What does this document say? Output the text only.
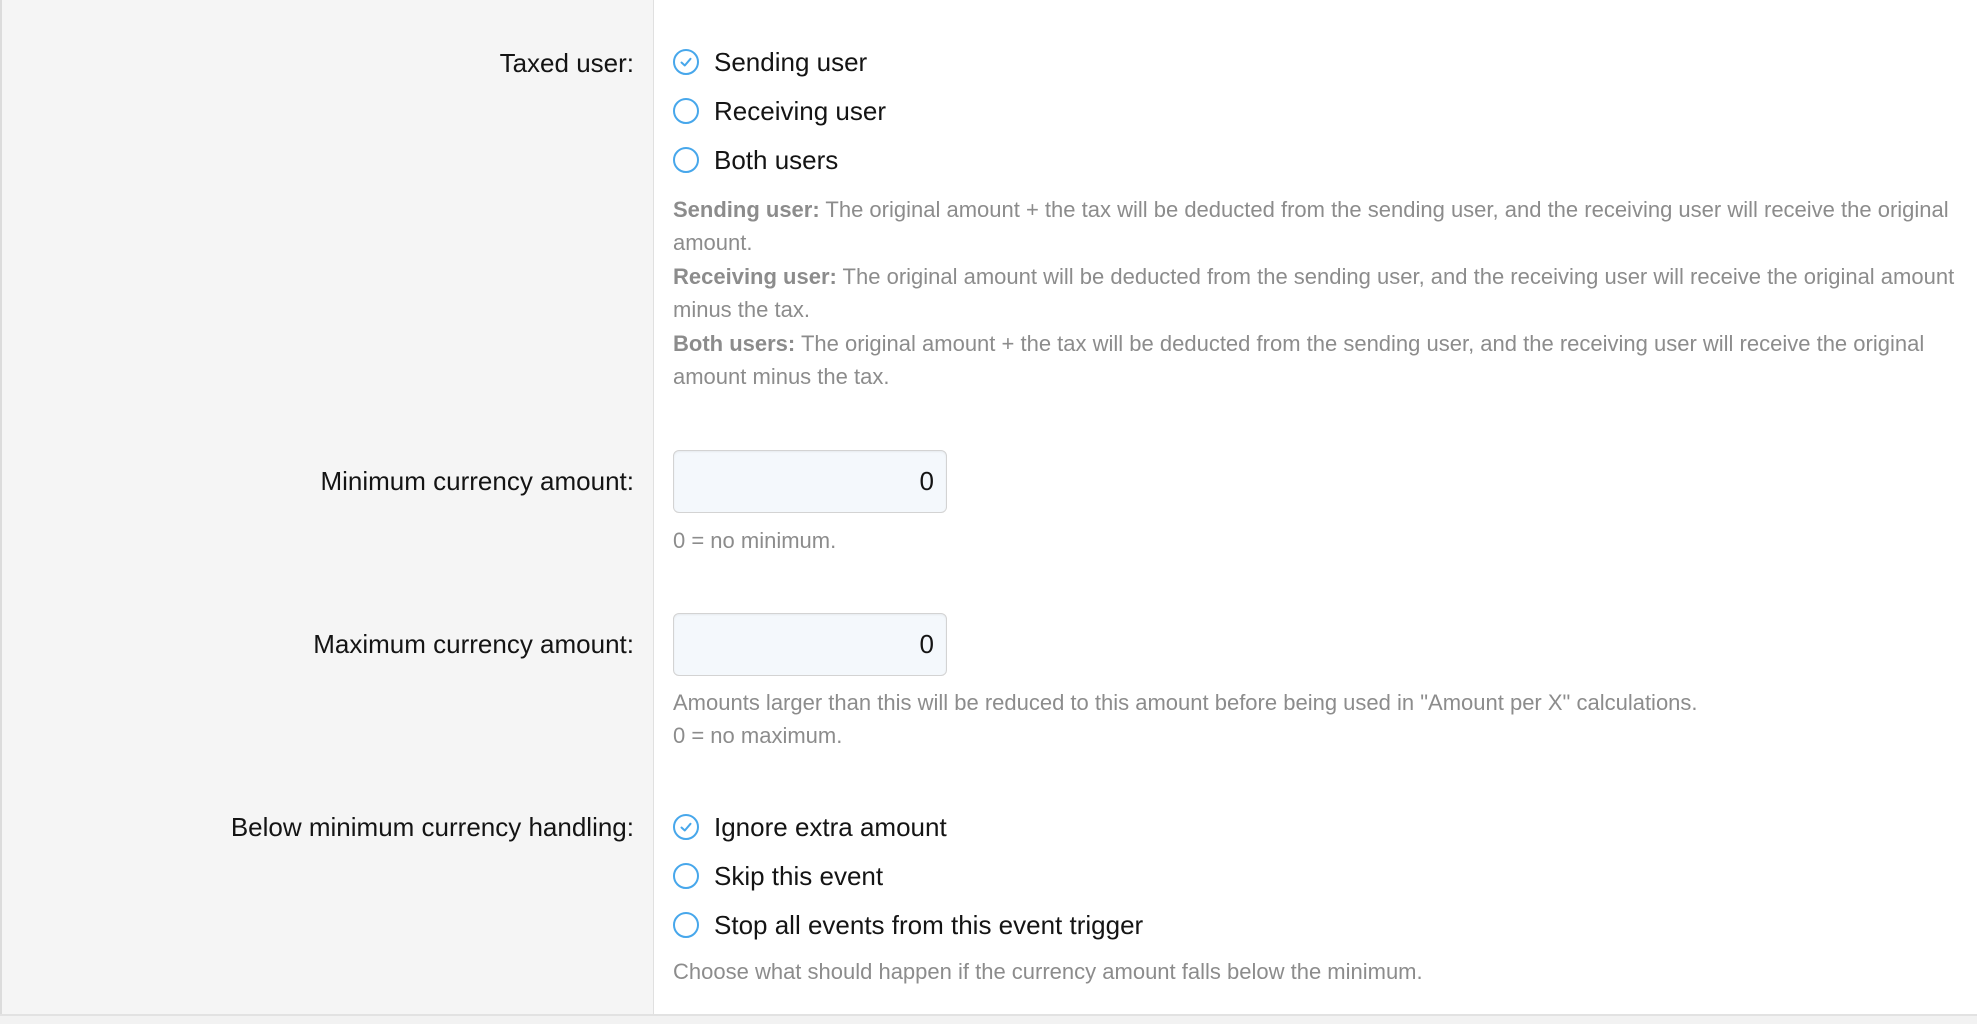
Taxed user:	Sending user
Receiving user
Both users
Sending user: The original amount + the tax will be deducted from the sending user, and the receiving user will receive the original amount.
Receiving user: The original amount will be deducted from the sending user, and the receiving user will receive the original amount minus the tax.
Both users: The original amount + the tax will be deducted from the sending user, and the receiving user will receive the original amount minus the tax.
Minimum currency amount:
0
0 = no minimum.
Maximum currency amount:
0
Amounts larger than this will be reduced to this amount before being used in "Amount per X" calculations.
0 = no maximum.
Below minimum currency handling:	Ignore extra amount
Skip this event
Stop all events from this event trigger
Choose what should happen if the currency amount falls below the minimum.
